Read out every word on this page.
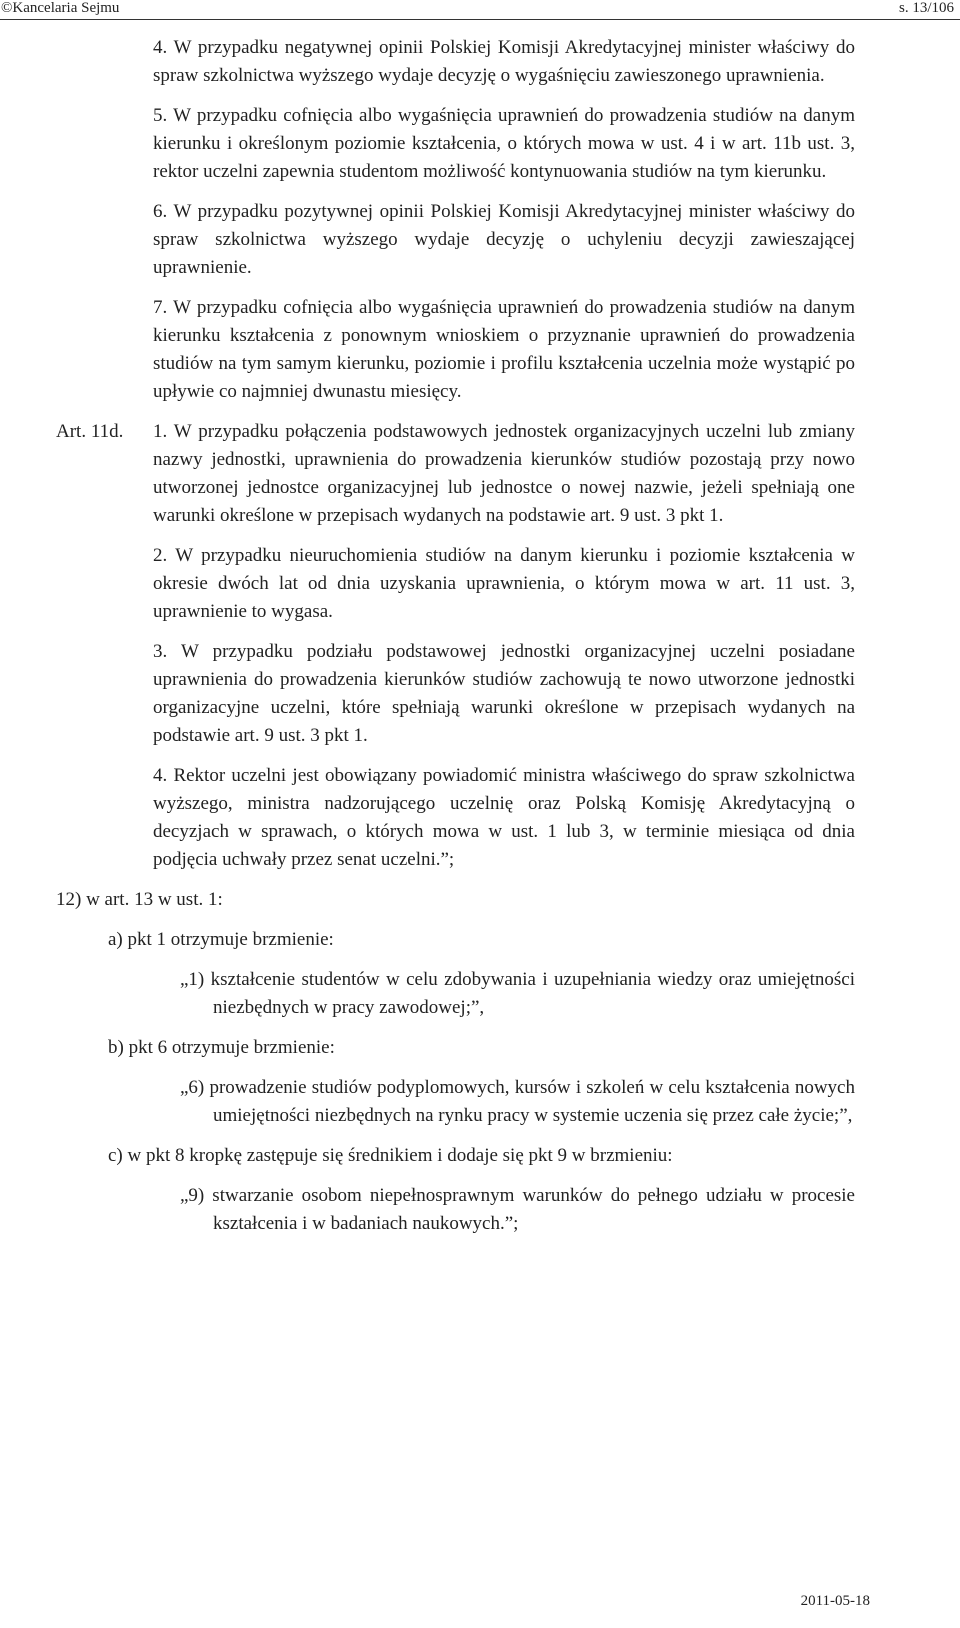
©Kancelaria Sejmu	s. 13/106

4. W przypadku negatywnej opinii Polskiej Komisji Akredytacyjnej minister właściwy do spraw szkolnictwa wyższego wydaje decyzję o wygaśnięciu zawieszonego uprawnienia.

5. W przypadku cofnięcia albo wygaśnięcia uprawnień do prowadzenia studiów na danym kierunku i określonym poziomie kształcenia, o których mowa w ust. 4 i w art. 11b ust. 3, rektor uczelni zapewnia studentom możliwość kontynuowania studiów na tym kierunku.

6. W przypadku pozytywnej opinii Polskiej Komisji Akredytacyjnej minister właściwy do spraw szkolnictwa wyższego wydaje decyzję o uchyleniu decyzji zawieszającej uprawnienie.

7. W przypadku cofnięcia albo wygaśnięcia uprawnień do prowadzenia studiów na danym kierunku kształcenia z ponownym wnioskiem o przyznanie uprawnień do prowadzenia studiów na tym samym kierunku, poziomie i profilu kształcenia uczelnia może wystąpić po upływie co najmniej dwunastu miesięcy.

Art. 11d. 1. W przypadku połączenia podstawowych jednostek organizacyjnych uczelni lub zmiany nazwy jednostki, uprawnienia do prowadzenia kierunków studiów pozostają przy nowo utworzonej jednostce organizacyjnej lub jednostce o nowej nazwie, jeżeli spełniają one warunki określone w przepisach wydanych na podstawie art. 9 ust. 3 pkt 1.

2. W przypadku nieuruchomienia studiów na danym kierunku i poziomie kształcenia w okresie dwóch lat od dnia uzyskania uprawnienia, o którym mowa w art. 11 ust. 3, uprawnienie to wygasa.

3. W przypadku podziału podstawowej jednostki organizacyjnej uczelni posiadane uprawnienia do prowadzenia kierunków studiów zachowują te nowo utworzone jednostki organizacyjne uczelni, które spełniają warunki określone w przepisach wydanych na podstawie art. 9 ust. 3 pkt 1.

4. Rektor uczelni jest obowiązany powiadomić ministra właściwego do spraw szkolnictwa wyższego, ministra nadzorującego uczelnię oraz Polską Komisję Akredytacyjną o decyzjach w sprawach, o których mowa w ust. 1 lub 3, w terminie miesiąca od dnia podjęcia uchwały przez senat uczelni.”;

12) w art. 13 w ust. 1:

a) pkt 1 otrzymuje brzmienie:

„1) kształcenie studentów w celu zdobywania i uzupełniania wiedzy oraz umiejętności niezbędnych w pracy zawodowej;”,

b) pkt 6 otrzymuje brzmienie:

„6) prowadzenie studiów podyplomowych, kursów i szkoleń w celu kształcenia nowych umiejętności niezbędnych na rynku pracy w systemie uczenia się przez całe życie;”,

c) w pkt 8 kropkę zastępuje się średnikiem i dodaje się pkt 9 w brzmieniu:

„9) stwarzanie osobom niepełnosprawnym warunków do pełnego udziału w procesie kształcenia i w badaniach naukowych.”;

2011-05-18
